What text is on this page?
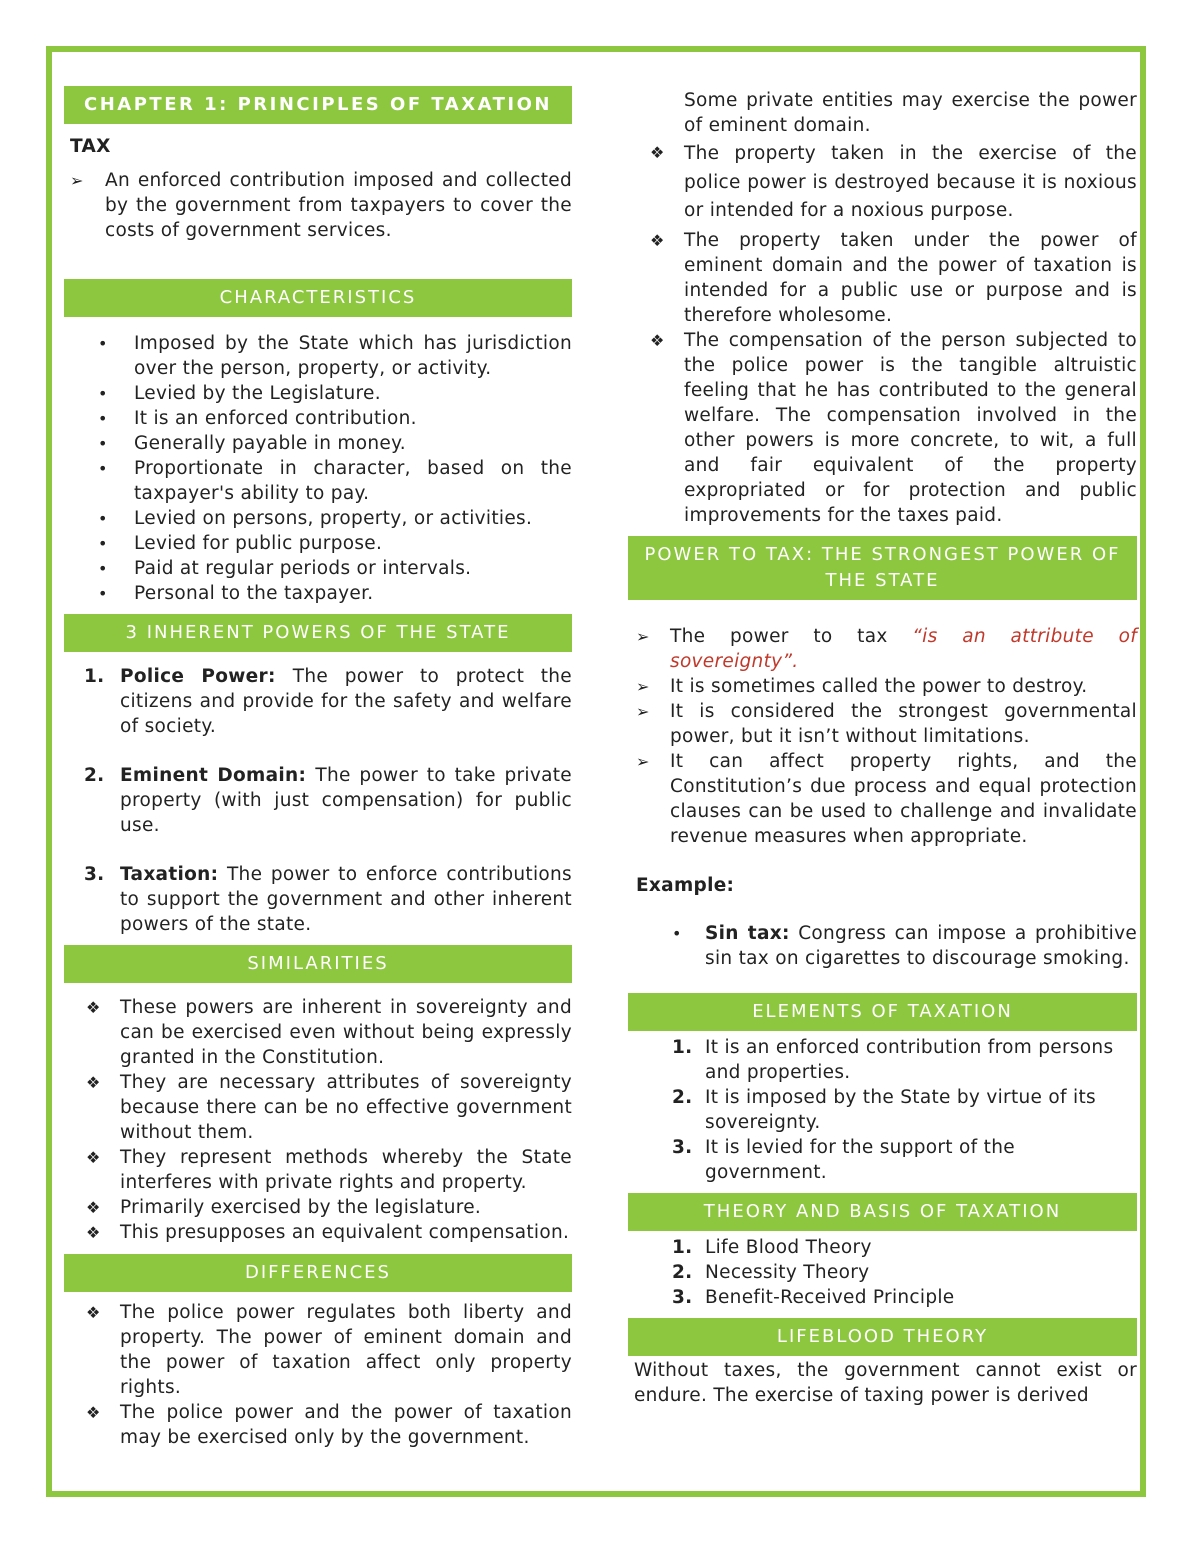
CHAPTER 1: PRINCIPLES OF TAXATION
TAX
➢ An enforced contribution imposed and collected by the government from taxpayers to cover the costs of government services.
CHARACTERISTICS
• Imposed by the State which has jurisdiction over the person, property, or activity.
• Levied by the Legislature.
• It is an enforced contribution.
• Generally payable in money.
• Proportionate in character, based on the taxpayer's ability to pay.
• Levied on persons, property, or activities.
• Levied for public purpose.
• Paid at regular periods or intervals.
• Personal to the taxpayer.
3 INHERENT POWERS OF THE STATE
1. Police Power: The power to protect the citizens and provide for the safety and welfare of society.
2. Eminent Domain: The power to take private property (with just compensation) for public use.
3. Taxation: The power to enforce contributions to support the government and other inherent powers of the state.
SIMILARITIES
❖ These powers are inherent in sovereignty and can be exercised even without being expressly granted in the Constitution.
❖ They are necessary attributes of sovereignty because there can be no effective government without them.
❖ They represent methods whereby the State interferes with private rights and property.
❖ Primarily exercised by the legislature.
❖ This presupposes an equivalent compensation.
DIFFERENCES
❖ The police power regulates both liberty and property. The power of eminent domain and the power of taxation affect only property rights.
❖ The police power and the power of taxation may be exercised only by the government.
Some private entities may exercise the power of eminent domain.
❖ The property taken in the exercise of the police power is destroyed because it is noxious or intended for a noxious purpose.
❖ The property taken under the power of eminent domain and the power of taxation is intended for a public use or purpose and is therefore wholesome.
❖ The compensation of the person subjected to the police power is the tangible altruistic feeling that he has contributed to the general welfare. The compensation involved in the other powers is more concrete, to wit, a full and fair equivalent of the property expropriated or for protection and public improvements for the taxes paid.
POWER TO TAX: THE STRONGEST POWER OF THE STATE
➢ The power to tax “is an attribute of sovereignty”.
➢ It is sometimes called the power to destroy.
➢ It is considered the strongest governmental power, but it isn’t without limitations.
➢ It can affect property rights, and the Constitution’s due process and equal protection clauses can be used to challenge and invalidate revenue measures when appropriate.
Example:
• Sin tax: Congress can impose a prohibitive sin tax on cigarettes to discourage smoking.
ELEMENTS OF TAXATION
1. It is an enforced contribution from persons and properties.
2. It is imposed by the State by virtue of its sovereignty.
3. It is levied for the support of the government.
THEORY AND BASIS OF TAXATION
1. Life Blood Theory
2. Necessity Theory
3. Benefit-Received Principle
LIFEBLOOD THEORY
Without taxes, the government cannot exist or endure. The exercise of taxing power is derived
